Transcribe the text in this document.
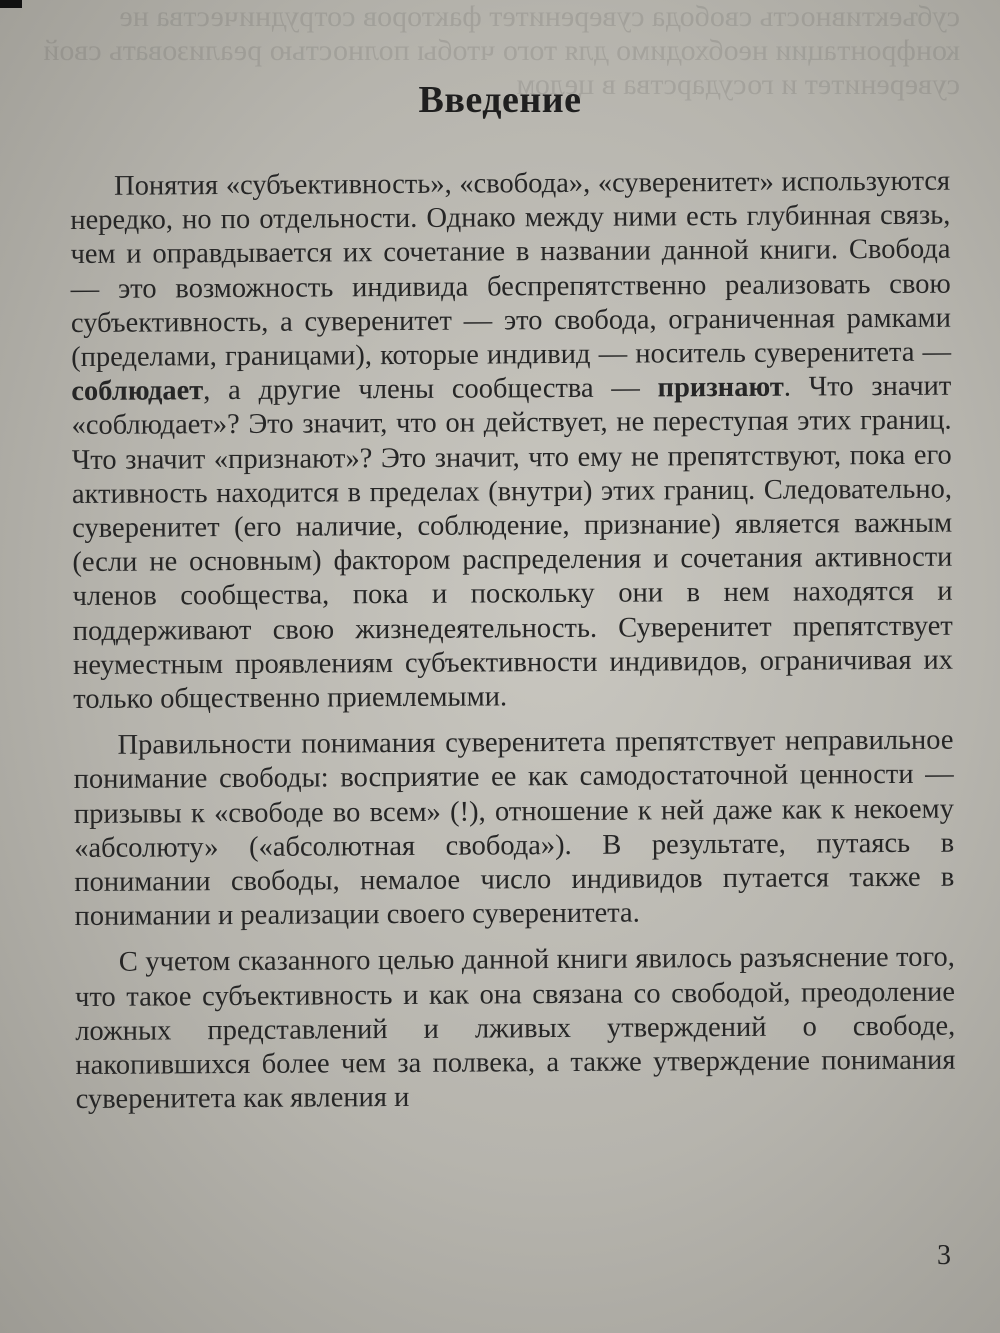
субъективность свобода суверенитет факторов сотрудничества не конфронтации необходимо для того чтобы полностью реализовать свой суверенитет и государства в целом
Введение

Понятия «субъективность», «свобода», «суверенитет» используются нередко, но по отдельности. Однако между ними есть глубинная связь, чем и оправдывается их сочетание в названии данной книги. Свобода — это возможность индивида беспрепятственно реализовать свою субъективность, а суверенитет — это свобода, ограниченная рамками (пределами, границами), которые индивид — носитель суверенитета — соблюдает, а другие члены сообщества — признают. Что значит «соблюдает»? Это значит, что он действует, не переступая этих границ. Что значит «признают»? Это значит, что ему не препятствуют, пока его активность находится в пределах (внутри) этих границ. Следовательно, суверенитет (его наличие, соблюдение, признание) является важным (если не основным) фактором распределения и сочетания активности членов сообщества, пока и поскольку они в нем находятся и поддерживают свою жизнедеятельность. Суверенитет препятствует неуместным проявлениям субъективности индивидов, ограничивая их только общественно приемлемыми.

Правильности понимания суверенитета препятствует неправильное понимание свободы: восприятие ее как самодостаточной ценности — призывы к «свободе во всем» (!), отношение к ней даже как к некоему «абсолюту» («абсолютная свобода»). В результате, путаясь в понимании свободы, немалое число индивидов путается также в понимании и реализации своего суверенитета.

С учетом сказанного целью данной книги явилось разъяснение того, что такое субъективность и как она связана со свободой, преодоление ложных представлений и лживых утверждений о свободе, накопившихся более чем за полвека, а также утверждение понимания суверенитета как явления и

3
